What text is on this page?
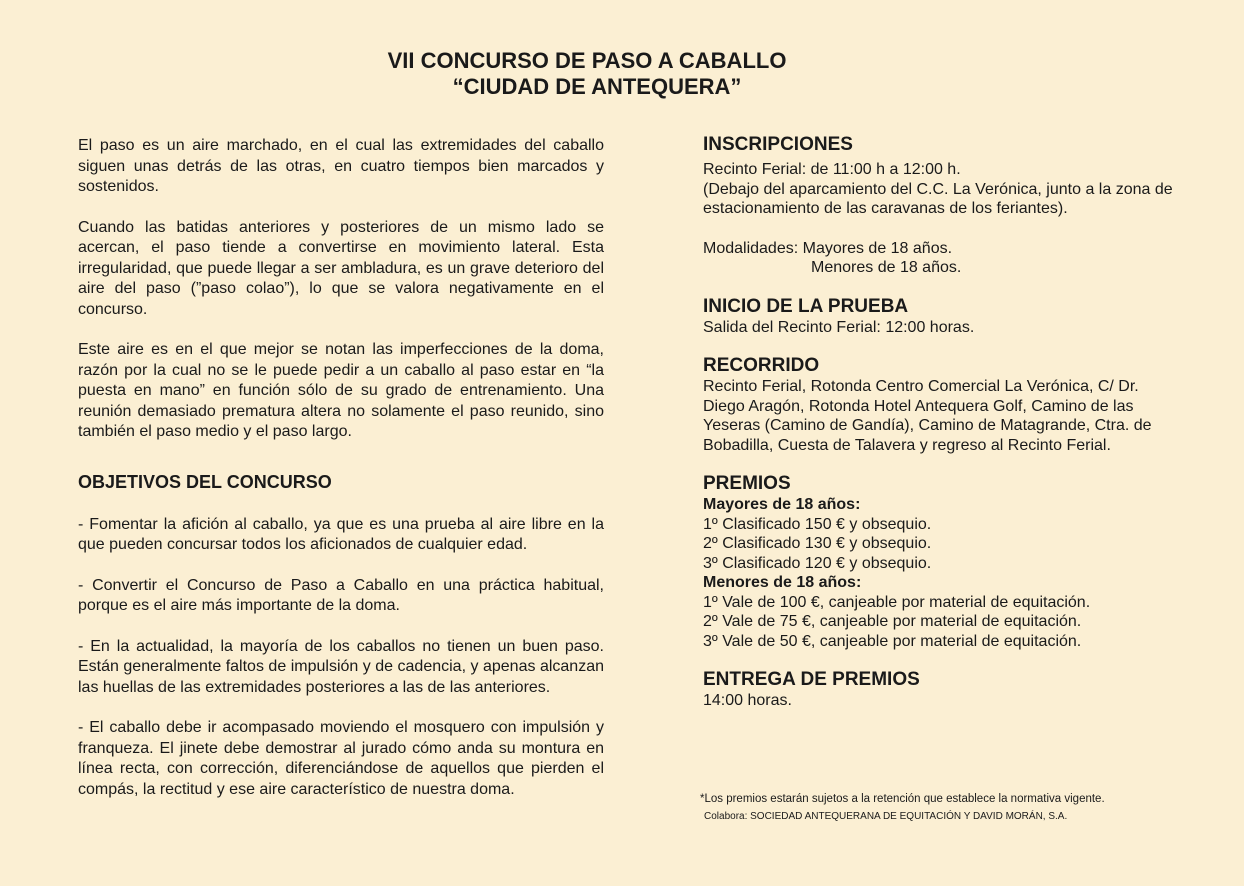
VII CONCURSO DE PASO A CABALLO
“CIUDAD DE ANTEQUERA”

El paso es un aire marchado, en el cual las extremidades del caballo siguen unas detrás de las otras, en cuatro tiempos bien marcados y sostenidos.

Cuando las batidas anteriores y posteriores de un mismo lado se acercan, el paso tiende a convertirse en movimiento lateral. Esta irregularidad, que puede llegar a ser ambladura, es un grave deterioro del aire del paso (”paso colao”), lo que se valora negativamente en el concurso.

Este aire es en el que mejor se notan las imperfecciones de la doma, razón por la cual no se le puede pedir a un caballo al paso estar en “la puesta en mano” en función sólo de su grado de entrenamiento. Una reunión demasiado prematura altera no solamente el paso reunido, sino también el paso medio y el paso largo.

OBJETIVOS DEL CONCURSO

- Fomentar la afición al caballo, ya que es una prueba al aire libre en la que pueden concursar todos los aficionados de cualquier edad.

- Convertir el Concurso de Paso a Caballo en una práctica habitual, porque es el aire más importante de la doma.

- En la actualidad, la mayoría de los caballos no tienen un buen paso. Están generalmente faltos de impulsión y de cadencia, y apenas alcanzan las huellas de las extremidades posteriores a las de las anteriores.

- El caballo debe ir acompasado moviendo el mosquero con impulsión y franqueza. El jinete debe demostrar al jurado cómo anda su montura en línea recta, con corrección, diferenciándose de aquellos que pierden el compás, la rectitud y ese aire característico de nuestra doma.

INSCRIPCIONES
Recinto Ferial: de 11:00 h a 12:00 h.
(Debajo del aparcamiento del C.C. La Verónica, junto a la zona de estacionamiento de las caravanas de los feriantes).
Modalidades: Mayores de 18 años.
Menores de 18 años.
INICIO DE LA PRUEBA
Salida del Recinto Ferial: 12:00 horas.
RECORRIDO
Recinto Ferial, Rotonda Centro Comercial La Verónica, C/ Dr. Diego Aragón, Rotonda Hotel Antequera Golf, Camino de las Yeseras (Camino de Gandía), Camino de Matagrande, Ctra. de Bobadilla, Cuesta de Talavera y regreso al Recinto Ferial.
PREMIOS
Mayores de 18 años:
1º Clasificado 150 € y obsequio.
2º Clasificado 130 € y obsequio.
3º Clasificado 120 € y obsequio.
Menores de 18 años:
1º Vale de 100 €, canjeable por material de equitación.
2º Vale de 75 €, canjeable por material de equitación.
3º Vale de 50 €, canjeable por material de equitación.
ENTREGA DE PREMIOS
14:00 horas.
*Los premios estarán sujetos a la retención que establece la normativa vigente.
Colabora: SOCIEDAD ANTEQUERANA DE EQUITACIÓN Y DAVID MORÁN, S.A.
